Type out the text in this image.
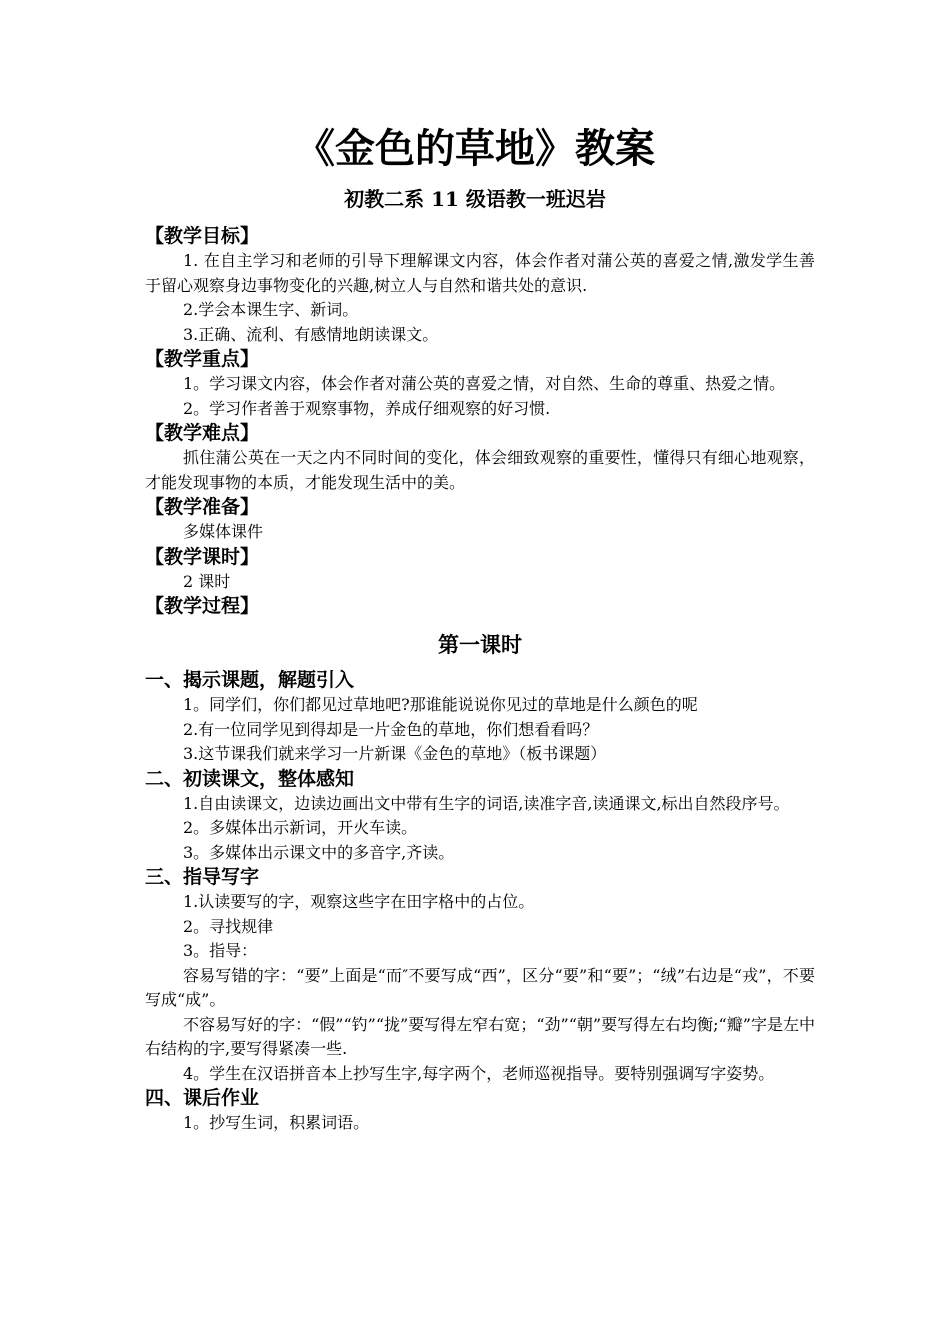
《金色的草地》教案
初教二系 11 级语教一班迟岩
【教学目标】
1. 在自主学习和老师的引导下理解课文内容，体会作者对蒲公英的喜爱之情,激发学生善于留心观察身边事物变化的兴趣,树立人与自然和谐共处的意识.
2.学会本课生字、新词。
3.正确、流利、有感情地朗读课文。
【教学重点】
1。学习课文内容，体会作者对蒲公英的喜爱之情，对自然、生命的尊重、热爱之情。
2。学习作者善于观察事物，养成仔细观察的好习惯.
【教学难点】
抓住蒲公英在一天之内不同时间的变化，体会细致观察的重要性，懂得只有细心地观察，才能发现事物的本质，才能发现生活中的美。
【教学准备】
多媒体课件
【教学课时】
2 课时
【教学过程】
第一课时
一、揭示课题，解题引入
1。同学们，你们都见过草地吧?那谁能说说你见过的草地是什么颜色的呢
2.有一位同学见到得却是一片金色的草地，你们想看看吗？
3.这节课我们就来学习一片新课《金色的草地》（板书课题）
二、初读课文，整体感知
1.自由读课文，边读边画出文中带有生字的词语,读准字音,读通课文,标出自然段序号。
2。多媒体出示新词，开火车读。
3。多媒体出示课文中的多音字,齐读。
三、指导写字
1.认读要写的字，观察这些字在田字格中的占位。
2。寻找规律
3。指导：
容易写错的字：“要”上面是“而″不要写成“西”，区分“要”和“要”；“绒”右边是“戎”，不要写成“成”。
不容易写好的字：“假”“钓”“拢”要写得左窄右宽；“劲”“朝”要写得左右均衡;“瓣”字是左中右结构的字,要写得紧凑一些.
4。学生在汉语拼音本上抄写生字,每字两个，老师巡视指导。要特别强调写字姿势。
四、课后作业
1。抄写生词，积累词语。
